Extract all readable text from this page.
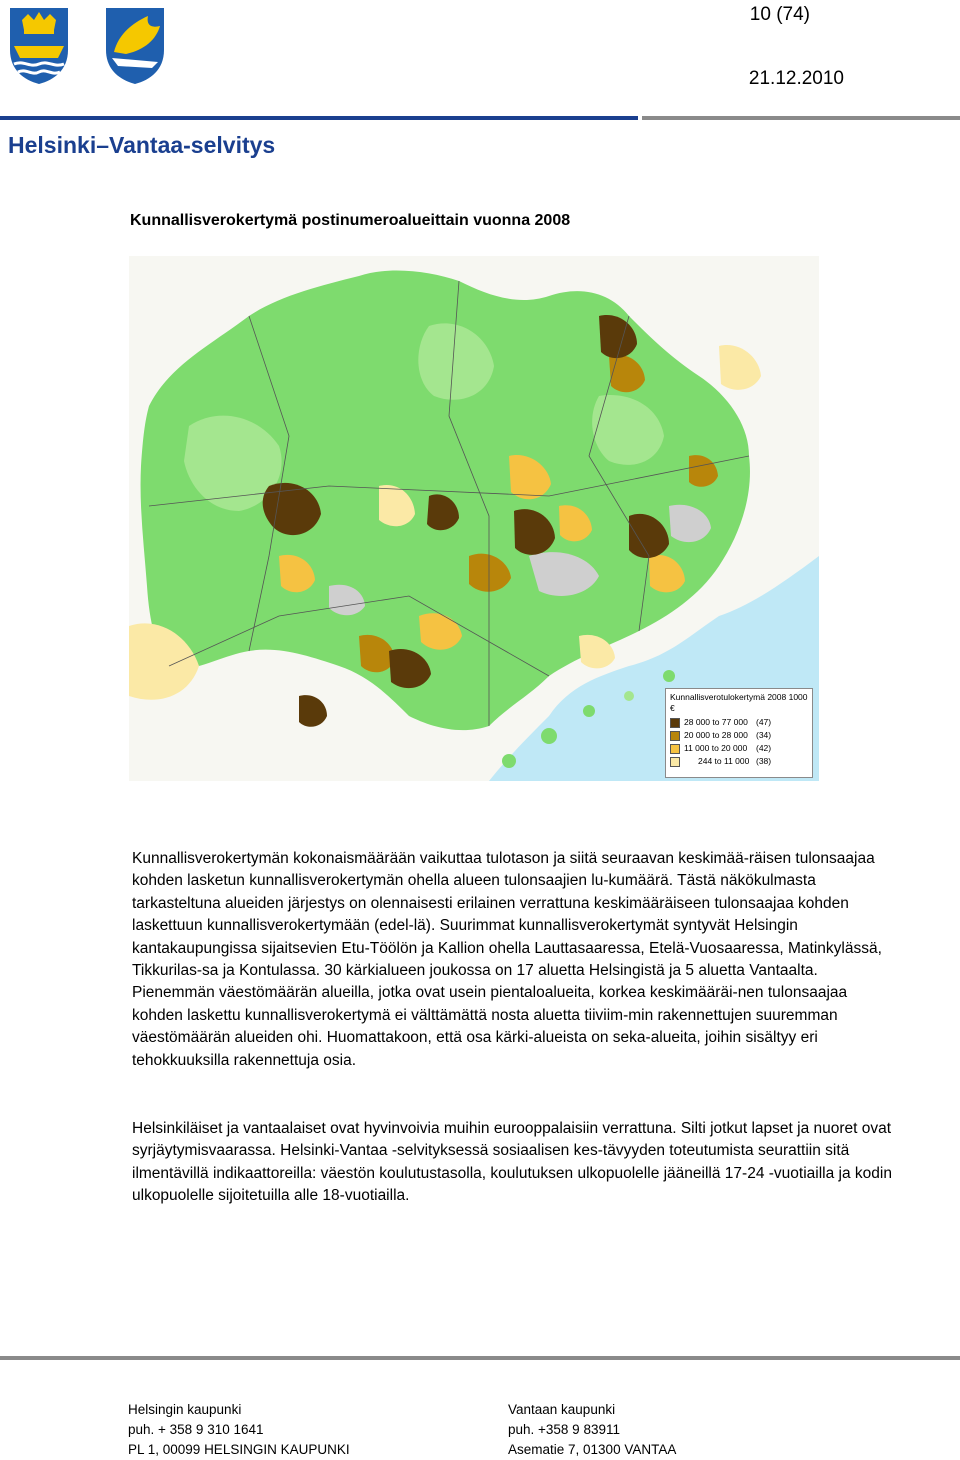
10 (74)
21.12.2010
Helsinki–Vantaa-selvitys
Kunnallisverokertymä postinumeroalueittain vuonna 2008
Kunnallisverotulokertymä 2008 1000 €
28 000 to 77 000 (47)
20 000 to 28 000 (34)
11 000 to 20 000 (42)
244 to 11 000 (38)

Kunnallisverokertymän kokonaismäärään vaikuttaa tulotason ja siitä seuraavan keskimää-räisen tulonsaajaa kohden lasketun kunnallisverokertymän ohella alueen tulonsaajien lu-kumäärä. Tästä näkökulmasta tarkasteltuna alueiden järjestys on olennaisesti erilainen verrattuna keskimääräiseen tulonsaajaa kohden laskettuun kunnallisverokertymään (edel-lä). Suurimmat kunnallisverokertymät syntyvät Helsingin kantakaupungissa sijaitsevien Etu-Töölön ja Kallion ohella Lauttasaaressa, Etelä-Vuosaaressa, Matinkylässä, Tikkurilas-sa ja Kontulassa. 30 kärkialueen joukossa on 17 aluetta Helsingistä ja 5 aluetta Vantaalta. Pienemmän väestömäärän alueilla, jotka ovat usein pientaloalueita, korkea keskimääräi-nen tulonsaajaa kohden laskettu kunnallisverokertymä ei välttämättä nosta aluetta tiiviim-min rakennettujen suuremman väestömäärän alueiden ohi. Huomattakoon, että osa kärki-alueista on seka-alueita, joihin sisältyy eri tehokkuuksilla rakennettuja osia.

Helsinkiläiset ja vantaalaiset ovat hyvinvoivia muihin eurooppalaisiin verrattuna. Silti jotkut lapset ja nuoret ovat syrjäytymisvaarassa. Helsinki-Vantaa -selvityksessä sosiaalisen kes-tävyyden toteutumista seurattiin sitä ilmentävillä indikaattoreilla: väestön koulutustasolla, koulutuksen ulkopuolelle jääneillä 17-24 -vuotiailla ja kodin ulkopuolelle sijoitetuilla alle 18-vuotiailla.

Helsingin kaupunki
puh. + 358 9 310 1641
PL 1, 00099 HELSINGIN KAUPUNKI
Vantaan kaupunki
puh. +358 9 83911
Asematie 7, 01300 VANTAA
